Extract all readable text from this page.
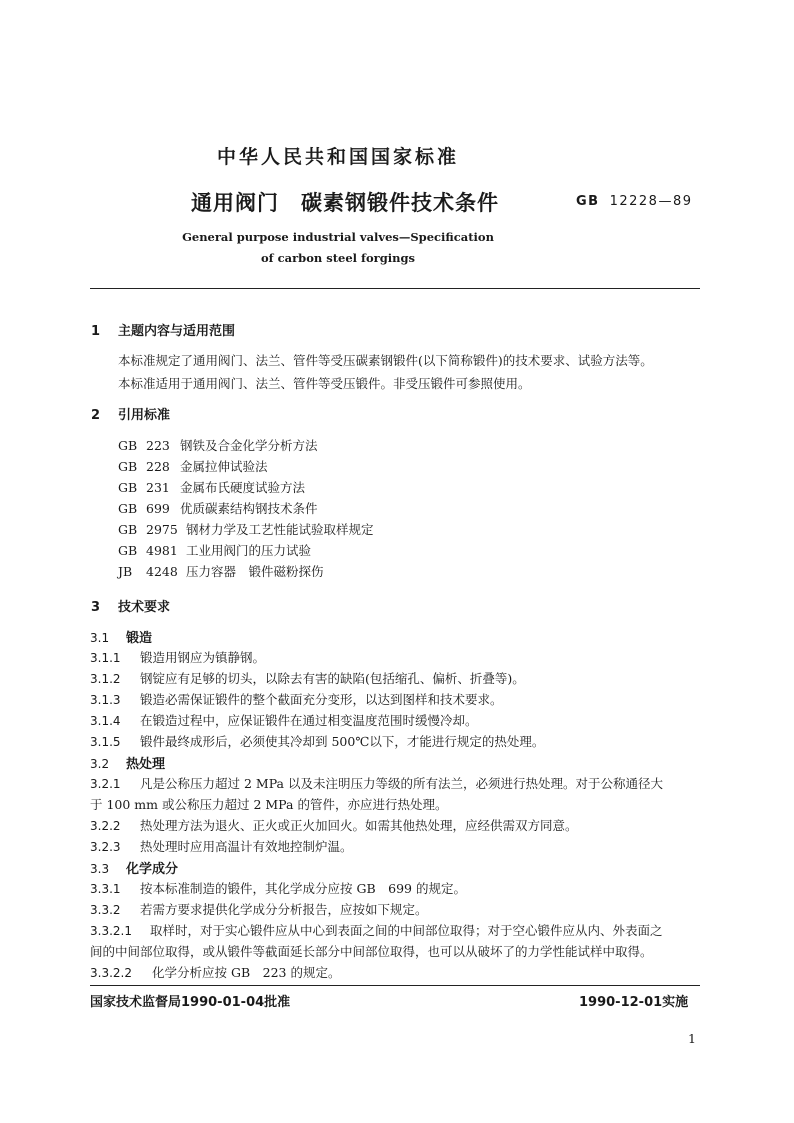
中华人民共和国国家标准
通用阀门　碳素钢锻件技术条件	GB 12228—89
General purpose industrial valves—Specification
of carbon steel forgings
1 主题内容与适用范围
本标准规定了通用阀门、法兰、管件等受压碳素钢锻件(以下简称锻件)的技术要求、试验方法等。
本标准适用于通用阀门、法兰、管件等受压锻件。非受压锻件可参照使用。
2 引用标准
GB 223 钢铁及合金化学分析方法
GB 228 金属拉伸试验法
GB 231 金属布氏硬度试验方法
GB 699 优质碳素结构钢技术条件
GB 2975 钢材力学及工艺性能试验取样规定
GB 4981 工业用阀门的压力试验
JB 4248 压力容器　锻件磁粉探伤
3 技术要求
3.1 锻造
3.1.1 锻造用钢应为镇静钢。
3.1.2 钢锭应有足够的切头，以除去有害的缺陷(包括缩孔、偏析、折叠等)。
3.1.3 锻造必需保证锻件的整个截面充分变形，以达到图样和技术要求。
3.1.4 在锻造过程中，应保证锻件在通过相变温度范围时缓慢冷却。
3.1.5 锻件最终成形后，必须使其冷却到 500℃以下，才能进行规定的热处理。
3.2 热处理
3.2.1 凡是公称压力超过 2 MPa 以及未注明压力等级的所有法兰，必须进行热处理。对于公称通径大
于 100 mm 或公称压力超过 2 MPa 的管件，亦应进行热处理。
3.2.2 热处理方法为退火、正火或正火加回火。如需其他热处理，应经供需双方同意。
3.2.3 热处理时应用高温计有效地控制炉温。
3.3 化学成分
3.3.1 按本标准制造的锻件，其化学成分应按 GB　699 的规定。
3.3.2 若需方要求提供化学成分分析报告，应按如下规定。
3.3.2.1 取样时，对于实心锻件应从中心到表面之间的中间部位取得；对于空心锻件应从内、外表面之
间的中间部位取得，或从锻件等截面延长部分中间部位取得，也可以从破坏了的力学性能试样中取得。
3.3.2.2 化学分析应按 GB　223 的规定。
国家技术监督局1990-01-04批准	1990-12-01实施
1
